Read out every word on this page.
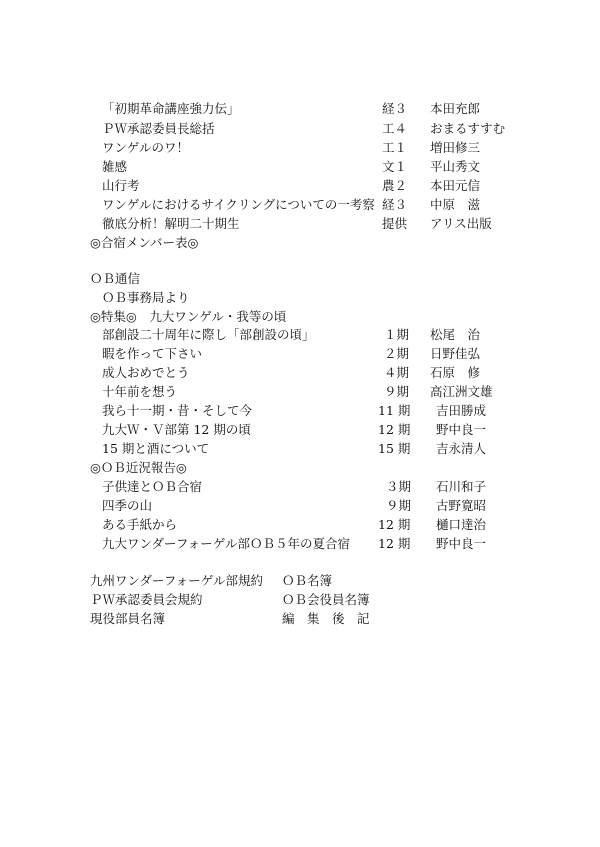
「初期革命講座強力伝」	経３ 本田充郎
ＰＷ承認委員長総括	工４ おまるすすむ
ワンゲルのワ！	工１ 増田修三
雑感	文１ 平山秀文
山行考	農２ 本田元信
ワンゲルにおけるサイクリングについての一考察 経３ 中原　滋
徹底分析！解明二十期生	提供 アリス出版
◎合宿メンバー表◎
ＯＢ通信
ＯＢ事務局より
◎特集◎　九大ワンゲル・我等の頃
部創設二十周年に際し「部創設の頃」	１期 松尾　治
暇を作って下さい	２期 日野佳弘
成人おめでとう	４期 石原　修
十年前を想う	９期 高江洲文雄
我ら十一期・昔・そして今	11 期 吉田勝成
九大Ｗ・Ｖ部第 12 期の頃	12 期 野中良一
15 期と酒について	15 期 吉永清人
◎ＯＢ近況報告◎
子供達とＯＢ合宿	３期 石川和子
四季の山	９期 古野寛昭
ある手紙から	12 期 樋口達治
九大ワンダーフォーゲル部ＯＢ５年の夏合宿 12 期 野中良一
九州ワンダーフォーゲル部規約 ＯＢ名簿
ＰＷ承認委員会規約	ＯＢ会役員名簿
現役部員名簿	編　集　後　記
